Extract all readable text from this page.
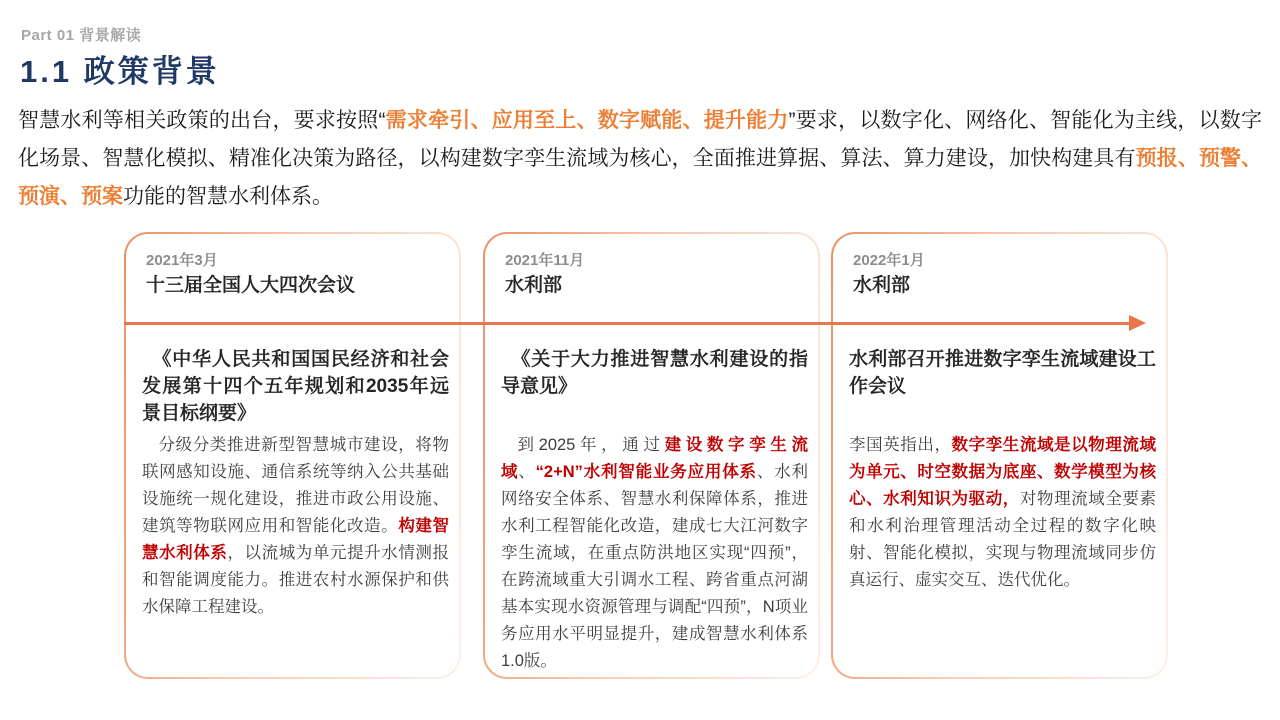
Part 01 背景解读
1.1 政策背景

智慧水利等相关政策的出台，要求按照“需求牵引、应用至上、数字赋能、提升能力”要求，以数字化、网络化、智能化为主线，以数字化场景、智慧化模拟、精准化决策为路径，以构建数字孪生流域为核心，全面推进算据、算法、算力建设，加快构建具有预报、预警、预演、预案功能的智慧水利体系。

2021年3月
十三届全国人大四次会议
《中华人民共和国国民经济和社会发展第十四个五年规划和2035年远景目标纲要》
分级分类推进新型智慧城市建设，将物联网感知设施、通信系统等纳入公共基础设施统一规化建设，推进市政公用设施、建筑等物联网应用和智能化改造。构建智慧水利体系，以流城为单元提升水情测报和智能调度能力。推进农村水源保护和供水保障工程建设。
2021年11月
水利部
《关于大力推进智慧水利建设的指导意见》
到2025年，通过建设数字孪生流域、“2+N”水利智能业务应用体系、水利网络安全体系、智慧水利保障体系，推进水利工程智能化改造，建成七大江河数字孪生流域，在重点防洪地区实现“四预”，在跨流域重大引调水工程、跨省重点河湖基本实现水资源管理与调配“四预”，N项业务应用水平明显提升，建成智慧水利体系1.0版。
2022年1月
水利部
水利部召开推进数字孪生流域建设工作会议
李国英指出，数字孪生流域是以物理流域为单元、时空数据为底座、数学模型为核心、水利知识为驱动，对物理流域全要素和水利治理管理活动全过程的数字化映射、智能化模拟，实现与物理流域同步仿真运行、虚实交互、迭代优化。
